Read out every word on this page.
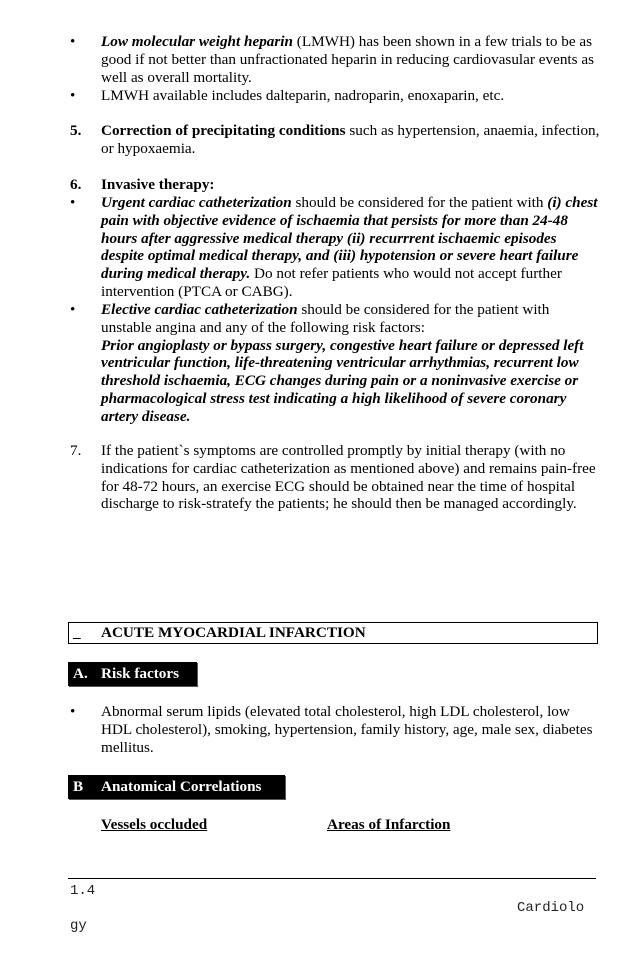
• Low molecular weight heparin (LMWH) has been shown in a few trials to be as good if not better than unfractionated heparin in reducing cardiovasular events as well as overall mortality.
• LMWH available includes dalteparin, nadroparin, enoxaparin, etc.
5. Correction of precipitating conditions such as hypertension, anaemia, infection, or hypoxaemia.
6. Invasive therapy:
• Urgent cardiac catheterization should be considered for the patient with (i) chest pain with objective evidence of ischaemia that persists for more than 24-48 hours after aggressive medical therapy (ii) recurrrent ischaemic episodes despite optimal medical therapy, and (iii) hypotension or severe heart failure during medical therapy. Do not refer patients who would not accept further intervention (PTCA or CABG).
• Elective cardiac catheterization should be considered for the patient with unstable angina and any of the following risk factors:
Prior angioplasty or bypass surgery, congestive heart failure or depressed left ventricular function, life-threatening ventricular arrhythmias, recurrent low threshold ischaemia, ECG changes during pain or a noninvasive exercise or pharmacological stress test indicating a high likelihood of severe coronary artery disease.
7. If the patient`s symptoms are controlled promptly by initial therapy (with no indications for cardiac catheterization as mentioned above) and remains pain-free for 48-72 hours, an exercise ECG should be obtained near the time of hospital discharge to risk-stratefy the patients; he should then be managed accordingly.
_ ACUTE MYOCARDIAL INFARCTION
A. Risk factors
• Abnormal serum lipids (elevated total cholesterol, high LDL cholesterol, low HDL cholesterol), smoking, hypertension, family history, age, male sex, diabetes mellitus.
B Anatomical Correlations
Vessels occluded	Areas of Infarction
1.4
Cardiolo
gy
